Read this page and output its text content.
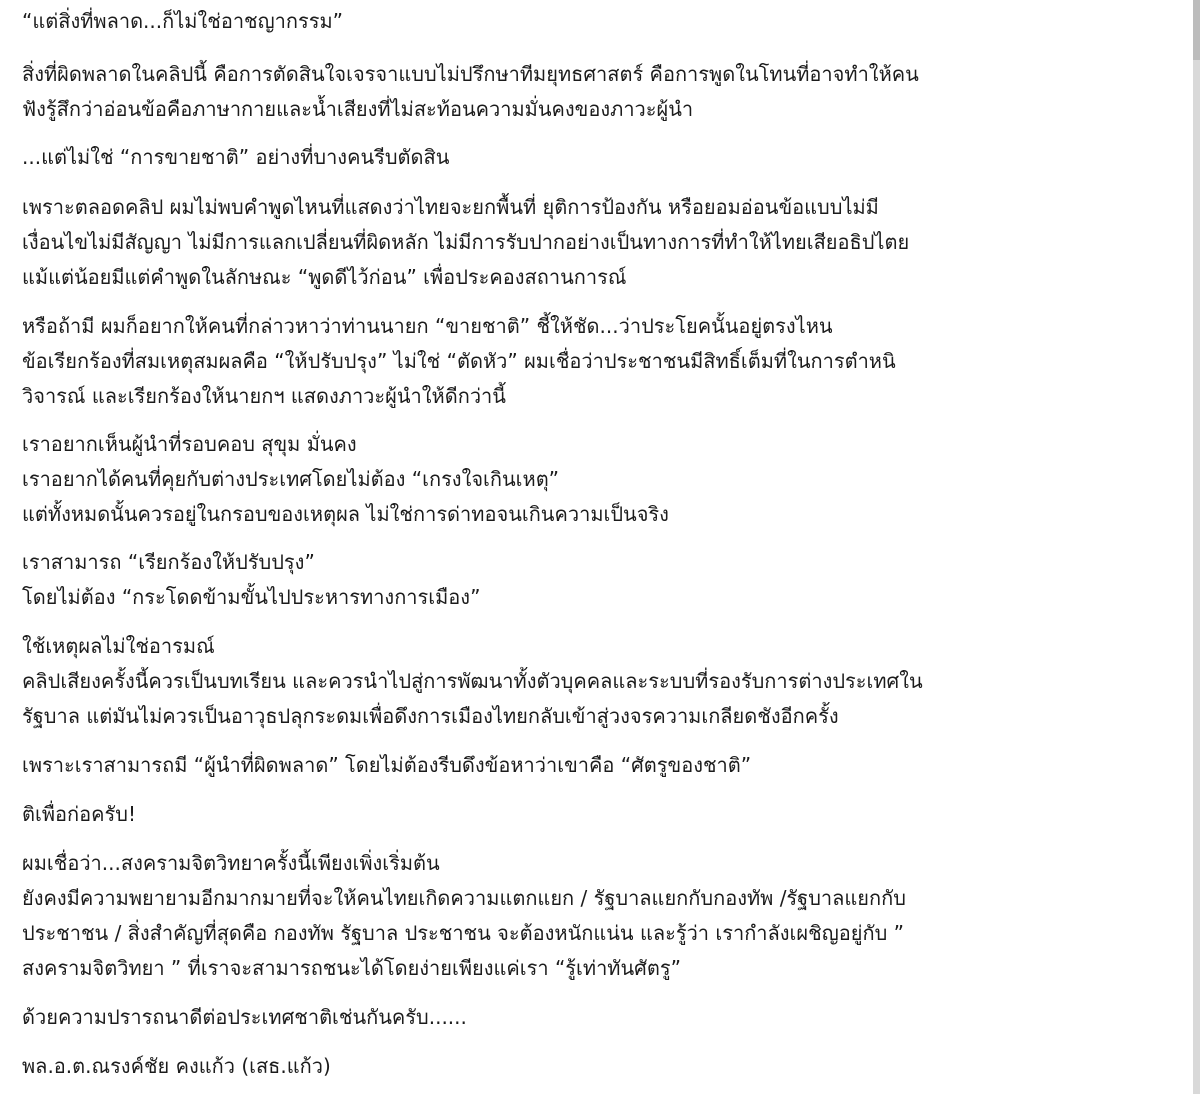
“แต่สิ่งที่พลาด...ก็ไม่ใช่อาชญากรรม”

สิ่งที่ผิดพลาดในคลิปนี้ คือการตัดสินใจเจรจาแบบไม่ปรึกษาทีมยุทธศาสตร์ คือการพูดในโทนที่อาจทำให้คน
ฟังรู้สึกว่าอ่อนข้อคือภาษากายและน้ำเสียงที่ไม่สะท้อนความมั่นคงของภาวะผู้นำ

...แต่ไม่ใช่ “การขายชาติ” อย่างที่บางคนรีบตัดสิน

เพราะตลอดคลิป ผมไม่พบคำพูดไหนที่แสดงว่าไทยจะยกพื้นที่ ยุติการป้องกัน หรือยอมอ่อนข้อแบบไม่มี
เงื่อนไขไม่มีสัญญา ไม่มีการแลกเปลี่ยนที่ผิดหลัก ไม่มีการรับปากอย่างเป็นทางการที่ทำให้ไทยเสียอธิปไตย
แม้แต่น้อยมีแต่คำพูดในลักษณะ “พูดดีไว้ก่อน” เพื่อประคองสถานการณ์

หรือถ้ามี ผมก็อยากให้คนที่กล่าวหาว่าท่านนายก “ขายชาติ” ชี้ให้ชัด...ว่าประโยคนั้นอยู่ตรงไหน
ข้อเรียกร้องที่สมเหตุสมผลคือ “ให้ปรับปรุง” ไม่ใช่ “ตัดหัว” ผมเชื่อว่าประชาชนมีสิทธิ์เต็มที่ในการตำหนิ
วิจารณ์ และเรียกร้องให้นายกฯ แสดงภาวะผู้นำให้ดีกว่านี้

เราอยากเห็นผู้นำที่รอบคอบ สุขุม มั่นคง
เราอยากได้คนที่คุยกับต่างประเทศโดยไม่ต้อง “เกรงใจเกินเหตุ”
แต่ทั้งหมดนั้นควรอยู่ในกรอบของเหตุผล ไม่ใช่การด่าทอจนเกินความเป็นจริง

เราสามารถ “เรียกร้องให้ปรับปรุง”
โดยไม่ต้อง “กระโดดข้ามขั้นไปประหารทางการเมือง”

ใช้เหตุผลไม่ใช่อารมณ์
คลิปเสียงครั้งนี้ควรเป็นบทเรียน และควรนำไปสู่การพัฒนาทั้งตัวบุคคลและระบบที่รองรับการต่างประเทศใน
รัฐบาล แต่มันไม่ควรเป็นอาวุธปลุกระดมเพื่อดึงการเมืองไทยกลับเข้าสู่วงจรความเกลียดชังอีกครั้ง

เพราะเราสามารถมี “ผู้นำที่ผิดพลาด” โดยไม่ต้องรีบดึงข้อหาว่าเขาคือ “ศัตรูของชาติ”

ติเพื่อก่อครับ!

ผมเชื่อว่า...สงครามจิตวิทยาครั้งนี้เพียงเพิ่งเริ่มต้น
ยังคงมีความพยายามอีกมากมายที่จะให้คนไทยเกิดความแตกแยก / รัฐบาลแยกกับกองทัพ /รัฐบาลแยกกับ
ประชาชน / สิ่งสำคัญที่สุดคือ กองทัพ รัฐบาล ประชาชน จะต้องหนักแน่น และรู้ว่า เรากำลังเผชิญอยู่กับ ”
สงครามจิตวิทยา ” ที่เราจะสามารถชนะได้โดยง่ายเพียงแค่เรา “รู้เท่าทันศัตรู”

ด้วยความปรารถนาดีต่อประเทศชาติเช่นกันครับ......

พล.อ.ต.ณรงค์ชัย คงแก้ว (เสธ.แก้ว)
